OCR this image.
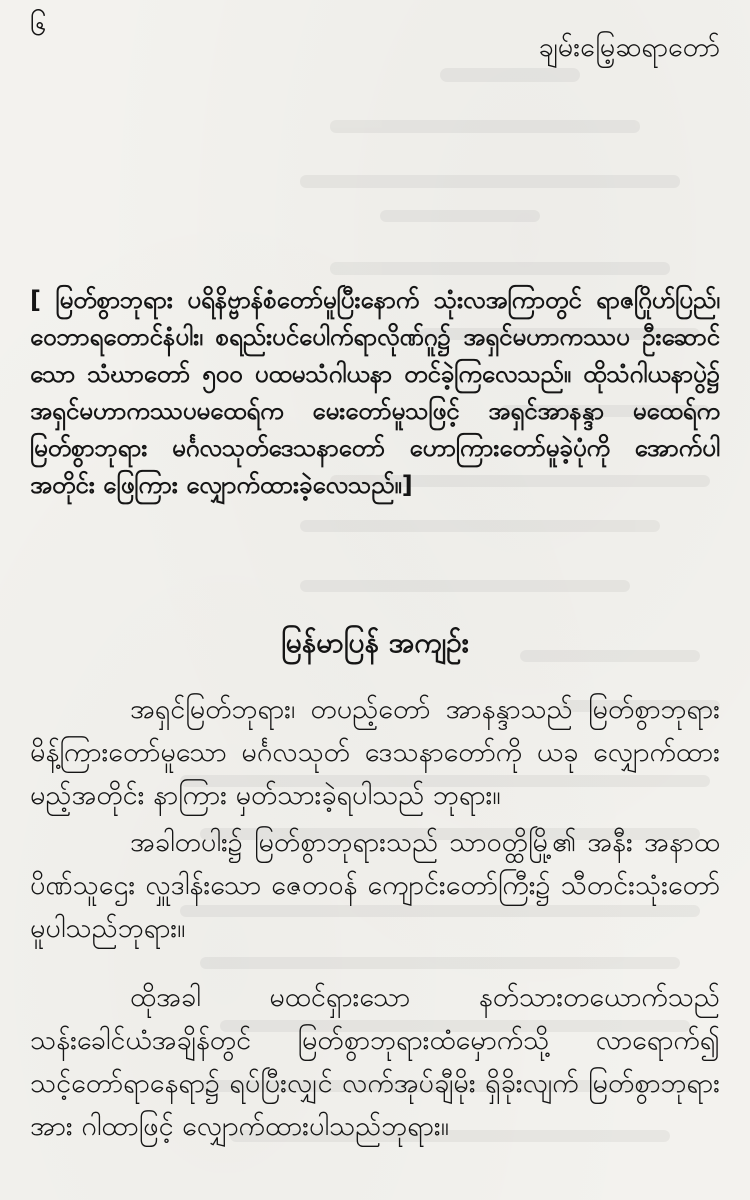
၆
ချမ်းမြေ့ဆရာတော်
[ မြတ်စွာဘုရား ပရိနိဗ္ဗာန်စံတော်မူပြီးနောက် သုံးလအကြာတွင် ရာဇဂြိုဟ်ပြည်၊ ဝေဘာရတောင်နံပါး၊ စရည်းပင်ပေါက်ရာလိုဏ်ဂူ၌ အရှင်မဟာကဿပ ဦးဆောင်သော သံဃာတော် ၅၀၀ ပထမသံဂါယနာ တင်ခဲ့ကြလေသည်။ ထိုသံဂါယနာပွဲ၌ အရှင်မဟာကဿပမထေရ်က မေးတော်မူသဖြင့် အရှင်အာနန္ဒာ မထေရ်က မြတ်စွာဘုရား မင်္ဂလသုတ်ဒေသနာတော် ဟောကြားတော်မူခဲ့ပုံကို အောက်ပါအတိုင်း ဖြေကြား လျှောက်ထားခဲ့လေသည်။]
မြန်မာပြန် အကျဉ်း
အရှင်မြတ်ဘုရား၊ တပည့်တော် အာနန္ဒာသည် မြတ်စွာဘုရား မိန့်ကြားတော်မူသော မင်္ဂလသုတ် ဒေသနာတော်ကို ယခု လျှောက်ထားမည့်အတိုင်း နာကြား မှတ်သားခဲ့ရပါသည် ဘုရား။
အခါတပါး၌ မြတ်စွာဘုရားသည် သာဝတ္ထိမြို့၏ အနီး အနာထပိဏ်သူဌေး လှူဒါန်းသော ဇေတဝန် ကျောင်းတော်ကြီး၌ သီတင်းသုံးတော်မူပါသည်ဘုရား။
ထိုအခါ မထင်ရှားသော နတ်သားတယောက်သည် သန်းခေါင်ယံအချိန်တွင် မြတ်စွာဘုရားထံမှောက်သို့ လာရောက်၍ သင့်တော်ရာနေရာ၌ ရပ်ပြီးလျှင် လက်အုပ်ချီမိုး ရှိခိုးလျက် မြတ်စွာဘုရားအား ဂါထာဖြင့် လျှောက်ထားပါသည်ဘုရား။
